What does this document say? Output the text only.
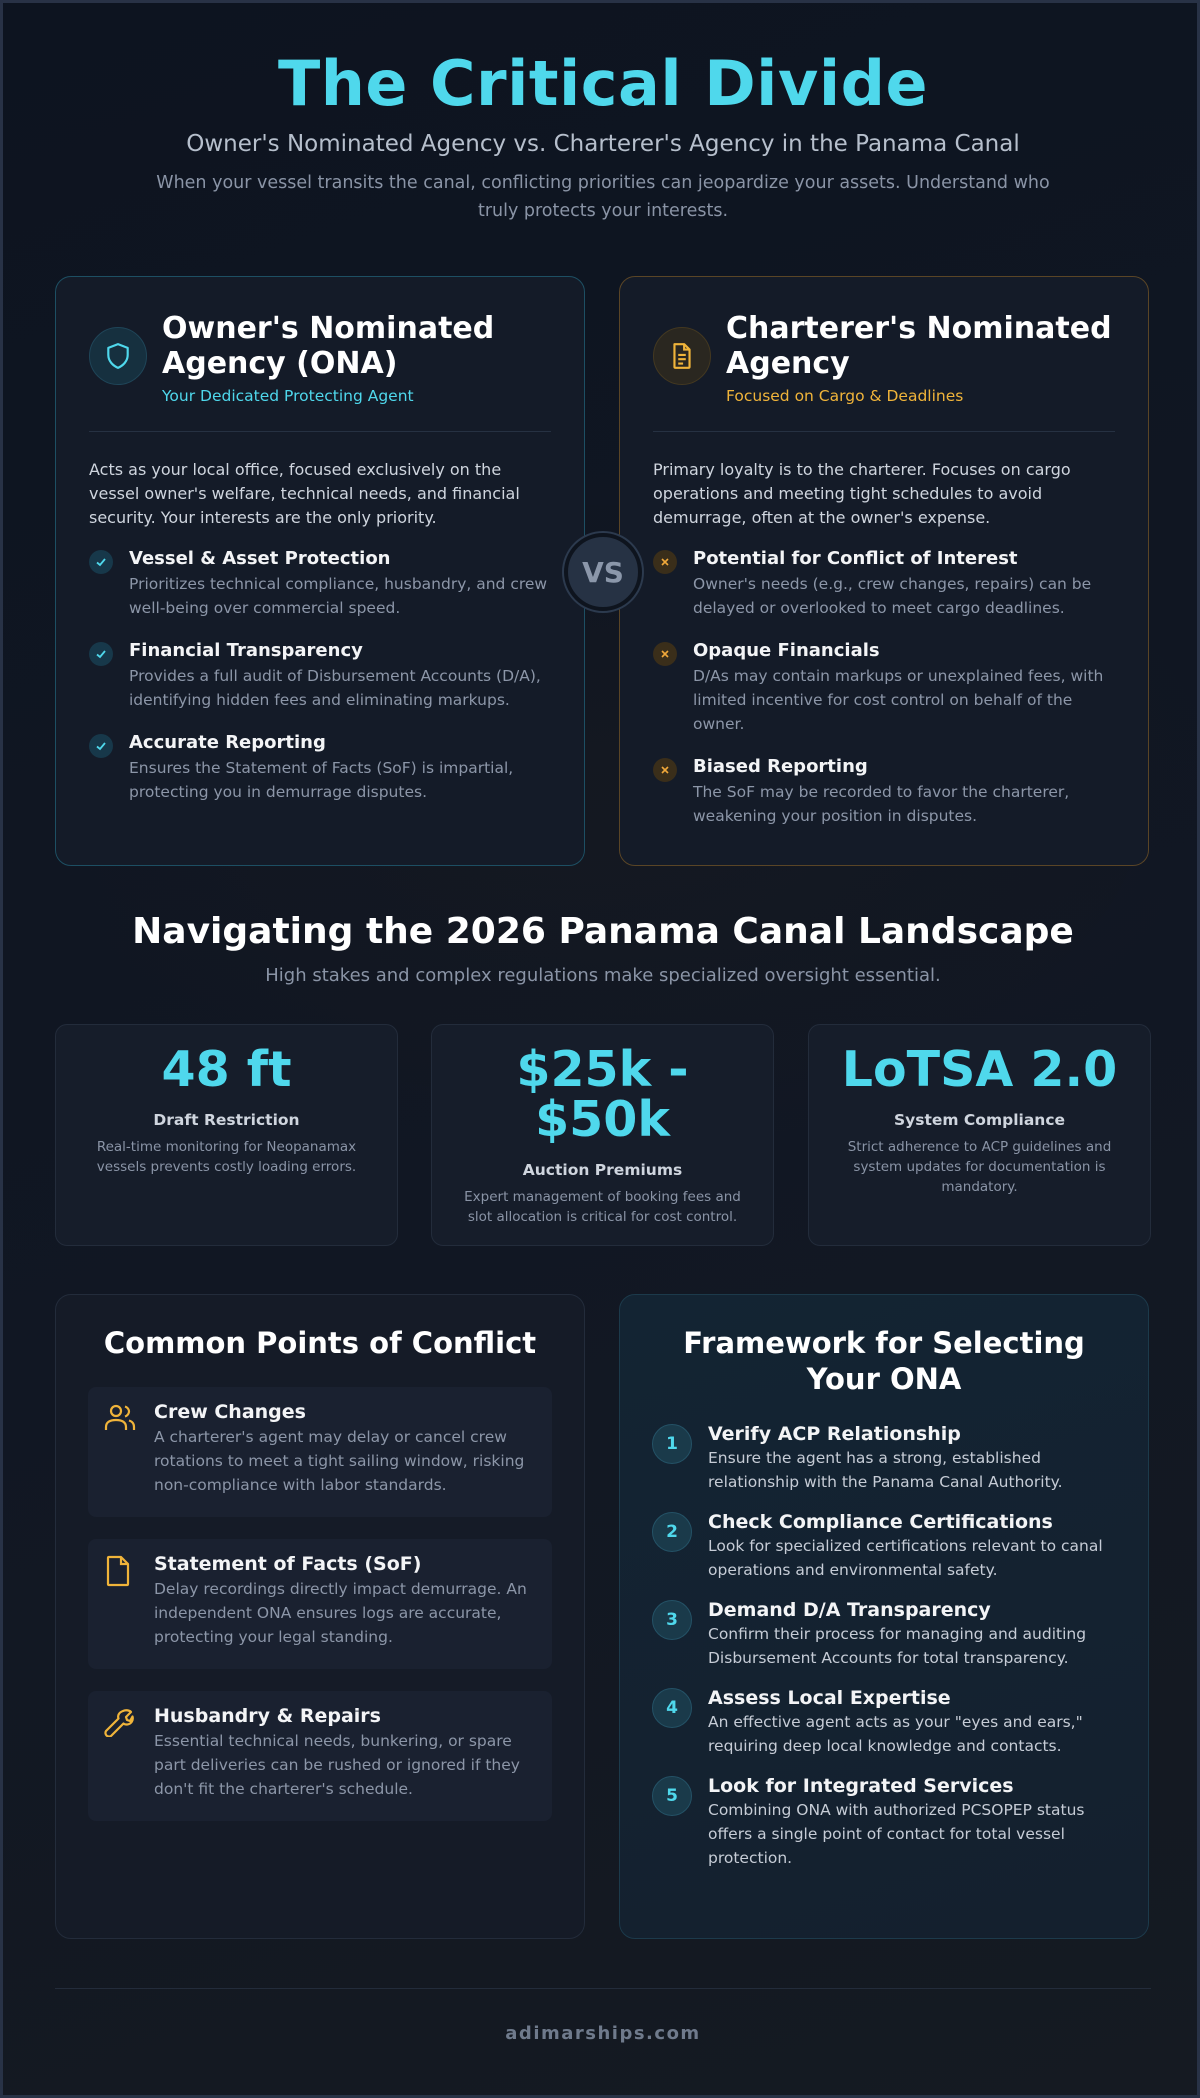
The Critical Divide
Owner's Nominated Agency vs. Charterer's Agency in the Panama Canal

When your vessel transits the canal, conflicting priorities can jeopardize your assets. Understand who truly protects your interests.

Owner's Nominated Agency (ONA)
Your Dedicated Protecting Agent

Acts as your local office, focused exclusively on the vessel owner's welfare, technical needs, and financial security. Your interests are the only priority.

Vessel & Asset Protection
Prioritizes technical compliance, husbandry, and crew well-being over commercial speed.
Financial Transparency
Provides a full audit of Disbursement Accounts (D/A), identifying hidden fees and eliminating markups.
Accurate Reporting
Ensures the Statement of Facts (SoF) is impartial, protecting you in demurrage disputes.
Charterer's Nominated Agency
Focused on Cargo & Deadlines

Primary loyalty is to the charterer. Focuses on cargo operations and meeting tight schedules to avoid demurrage, often at the owner's expense.

Potential for Conflict of Interest
Owner's needs (e.g., crew changes, repairs) can be delayed or overlooked to meet cargo deadlines.
Opaque Financials
D/As may contain markups or unexplained fees, with limited incentive for cost control on behalf of the owner.
Biased Reporting
The SoF may be recorded to favor the charterer, weakening your position in disputes.
VS
Navigating the 2026 Panama Canal Landscape
High stakes and complex regulations make specialized oversight essential.
48 ft
Draft Restriction
Real-time monitoring for Neopanamax vessels prevents costly loading errors.
$25k - $50k
Auction Premiums
Expert management of booking fees and slot allocation is critical for cost control.
LoTSA 2.0
System Compliance
Strict adherence to ACP guidelines and system updates for documentation is mandatory.
Common Points of Conflict
Crew Changes
A charterer's agent may delay or cancel crew rotations to meet a tight sailing window, risking non-compliance with labor standards.
Statement of Facts (SoF)
Delay recordings directly impact demurrage. An independent ONA ensures logs are accurate, protecting your legal standing.
Husbandry & Repairs
Essential technical needs, bunkering, or spare part deliveries can be rushed or ignored if they don't fit the charterer's schedule.
Framework for Selecting Your ONA
1	Verify ACP Relationship
Ensure the agent has a strong, established relationship with the Panama Canal Authority.
2	Check Compliance Certifications
Look for specialized certifications relevant to canal operations and environmental safety.
3	Demand D/A Transparency
Confirm their process for managing and auditing Disbursement Accounts for total transparency.
4	Assess Local Expertise
An effective agent acts as your "eyes and ears," requiring deep local knowledge and contacts.
5	Look for Integrated Services
Combining ONA with authorized PCSOPEP status offers a single point of contact for total vessel protection.
adimarships.com
